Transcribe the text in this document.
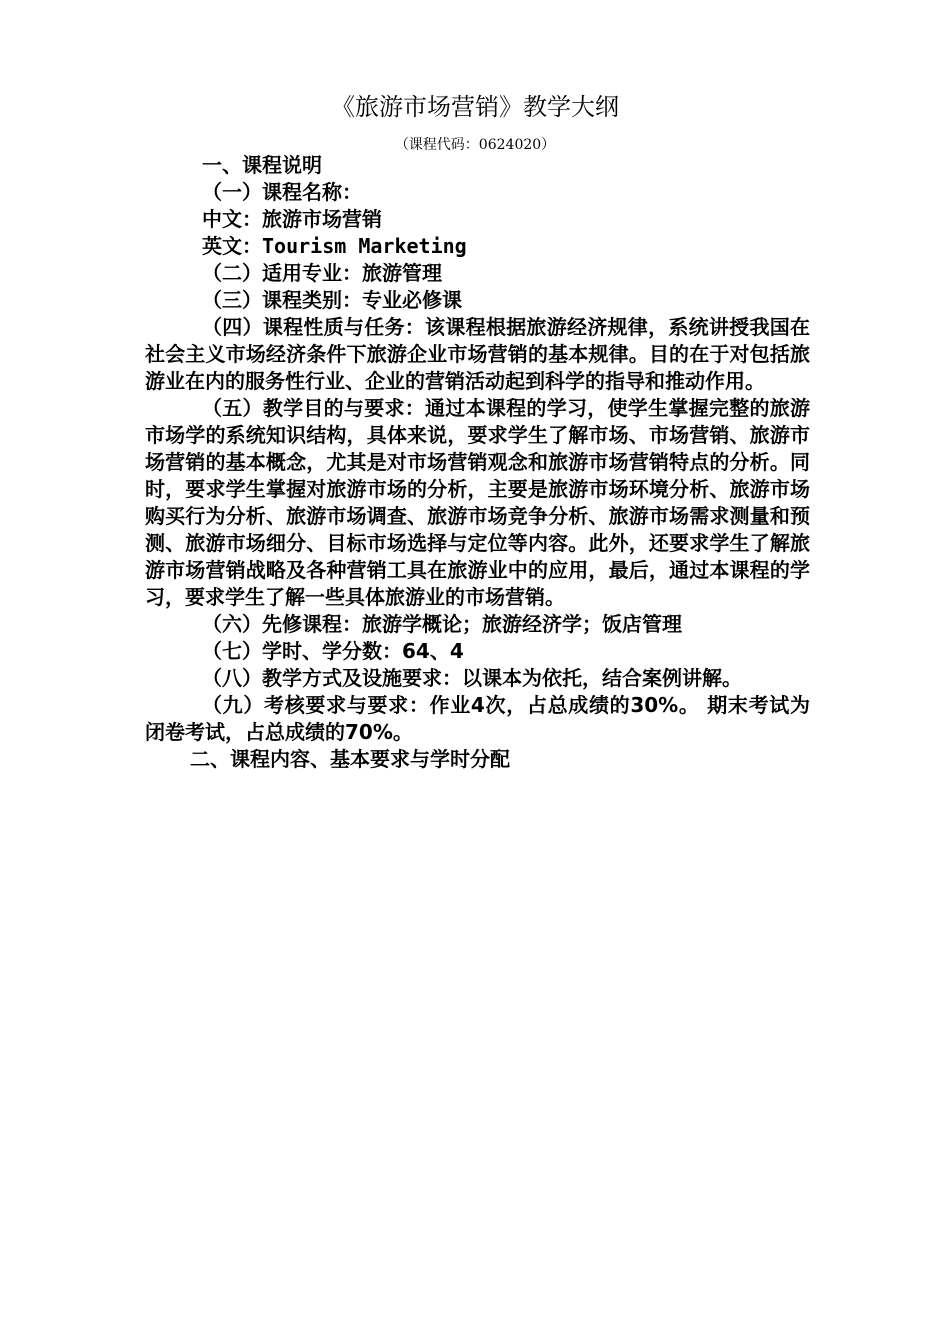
《旅游市场营销》教学大纲
（课程代码：0624020）

一、课程说明

（一）课程名称：

中文：旅游市场营销

英文：Tourism Marketing

（二）适用专业：旅游管理

（三）课程类别：专业必修课

（四）课程性质与任务：该课程根据旅游经济规律，系统讲授我国在社会主义市场经济条件下旅游企业市场营销的基本规律。目的在于对包括旅游业在内的服务性行业、企业的营销活动起到科学的指导和推动作用。

（五）教学目的与要求：通过本课程的学习，使学生掌握完整的旅游市场学的系统知识结构，具体来说，要求学生了解市场、市场营销、旅游市场营销的基本概念，尤其是对市场营销观念和旅游市场营销特点的分析。同时，要求学生掌握对旅游市场的分析，主要是旅游市场环境分析、旅游市场购买行为分析、旅游市场调查、旅游市场竞争分析、旅游市场需求测量和预测、旅游市场细分、目标市场选择与定位等内容。此外，还要求学生了解旅游市场营销战略及各种营销工具在旅游业中的应用，最后，通过本课程的学习，要求学生了解一些具体旅游业的市场营销。

（六）先修课程：旅游学概论；旅游经济学；饭店管理

（七）学时、学分数：64、4

（八）教学方式及设施要求：以课本为依托，结合案例讲解。

（九）考核要求与要求：作业4次，占总成绩的30%。 期末考试为闭卷考试，占总成绩的70%。

二、课程内容、基本要求与学时分配
